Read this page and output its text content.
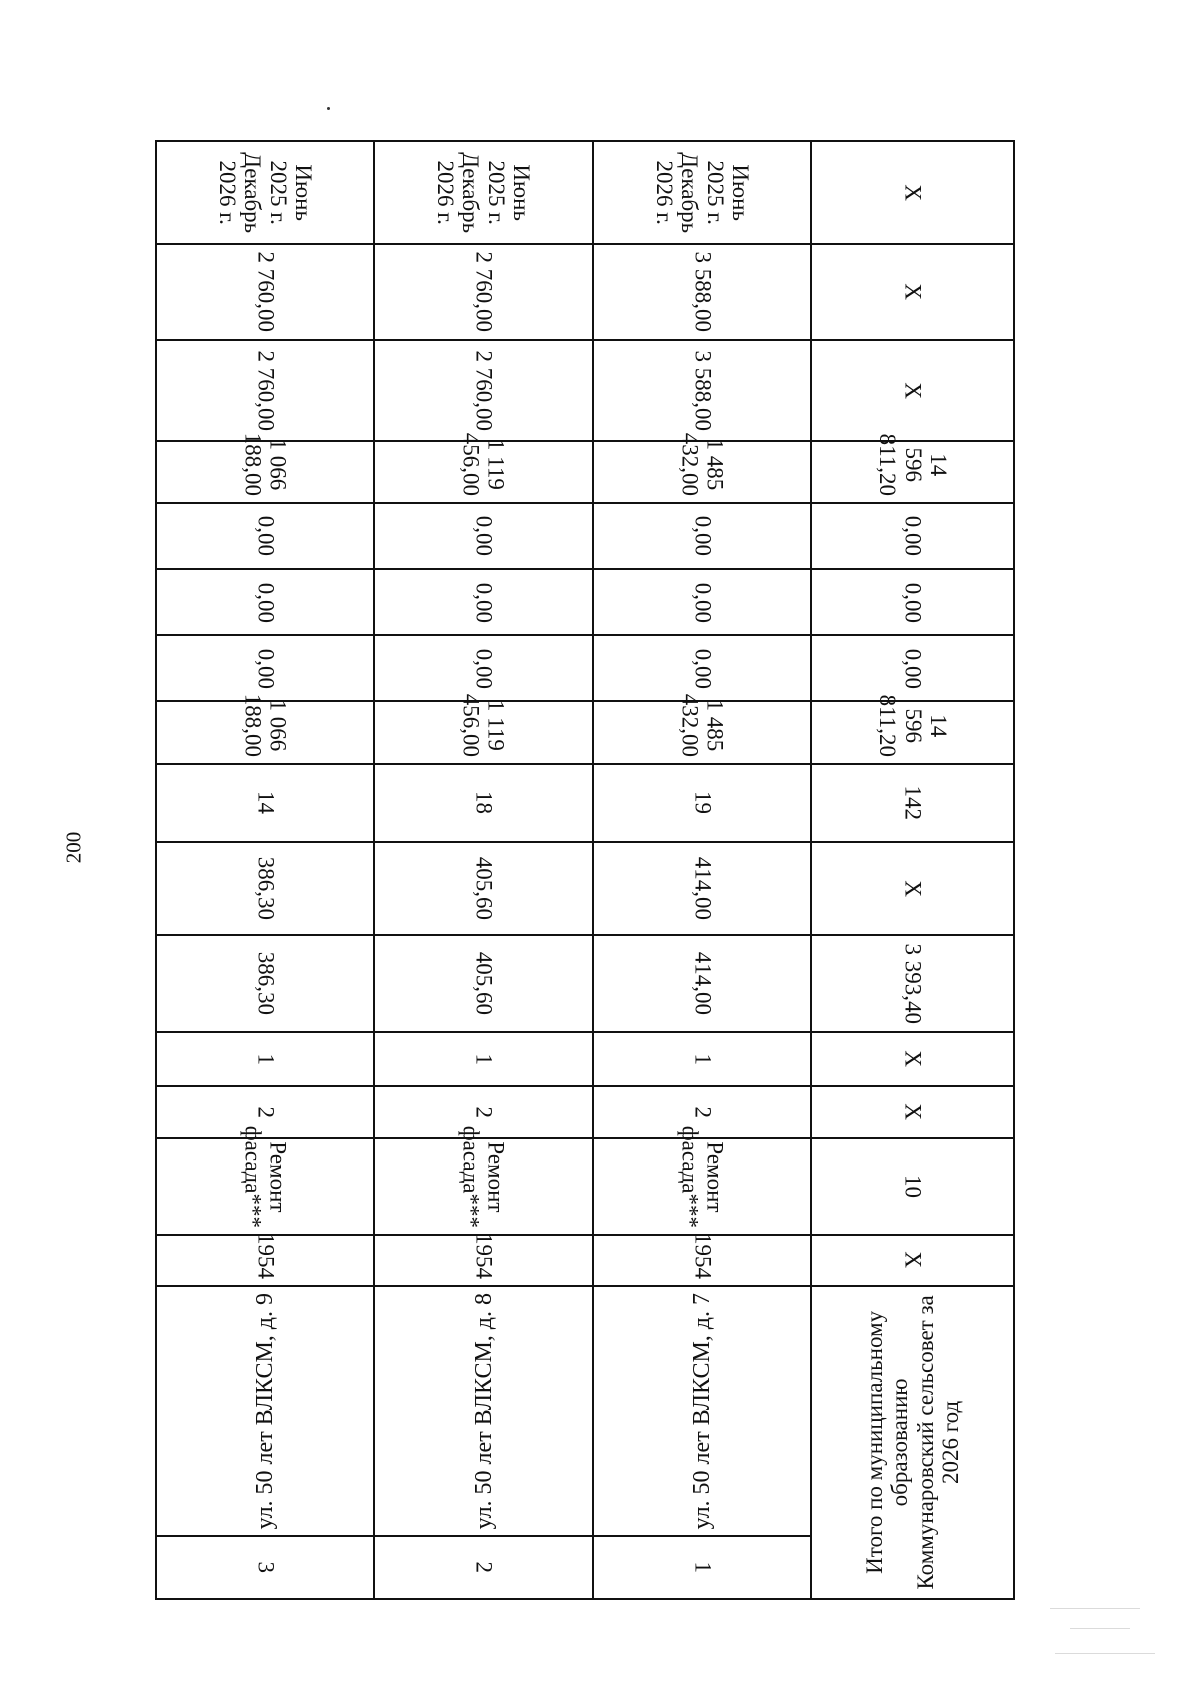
200
3	ул. 50 лет ВЛКСМ, д. 9	1954	Ремонт фасада***	2	1	386,30	386,30	14	1 066 188,00	0,00	0,00	0,00	1 066 188,00	2 760,00	2 760,00	Июнь 2025 г.
Декабрь 2026 г.
2	ул. 50 лет ВЛКСМ, д. 8	1954	Ремонт фасада***	2	1	405,60	405,60	18	1 119 456,00	0,00	0,00	0,00	1 119 456,00	2 760,00	2 760,00	Июнь 2025 г.
Декабрь 2026 г.
1	ул. 50 лет ВЛКСМ, д. 7	1954	Ремонт фасада***	2	1	414,00	414,00	19	1 485 432,00	0,00	0,00	0,00	1 485 432,00	3 588,00	3 588,00	Июнь 2025 г.
Декабрь 2026 г.
Итого по муниципальному образованию Коммунаровский сельсовет за 2026 год		X	10	X	X	3 393,40	X	142	14 596 811,20	0,00	0,00	0,00	14 596 811,20	X	X	X
